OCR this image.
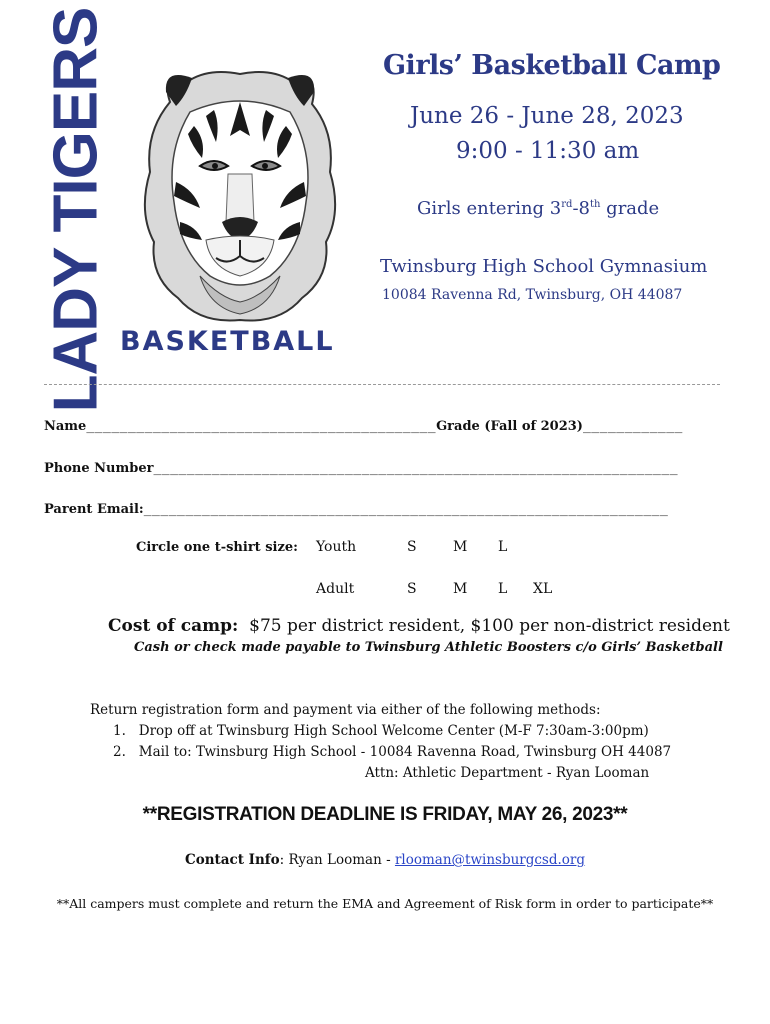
LADY TIGERS BASKETBALL
Girls’ Basketball Camp
June 26 - June 28, 2023
9:00 - 11:30 am
Girls entering 3rd-8th grade
Twinsburg High School Gymnasium
10084 Ravenna Rd, Twinsburg, OH 44087
Name__________________________________________Grade (Fall of 2023)____________
Phone Number_______________________________________________________________
Parent Email:_______________________________________________________________
Circle one t-shirt size: Youth	S	M L
Adult	S	M L XL
Cost of camp: $75 per district resident, $100 per non-district resident
Cash or check made payable to Twinsburg Athletic Boosters c/o Girls’ Basketball
Return registration form and payment via either of the following methods:
1.   Drop off at Twinsburg High School Welcome Center (M-F 7:30am-3:00pm)
2.   Mail to: Twinsburg High School - 10084 Ravenna Road, Twinsburg OH 44087
Attn: Athletic Department - Ryan Looman
**REGISTRATION DEADLINE IS FRIDAY, MAY 26, 2023**
Contact Info: Ryan Looman - rlooman@twinsburgcsd.org
**All campers must complete and return the EMA and Agreement of Risk form in order to participate**
